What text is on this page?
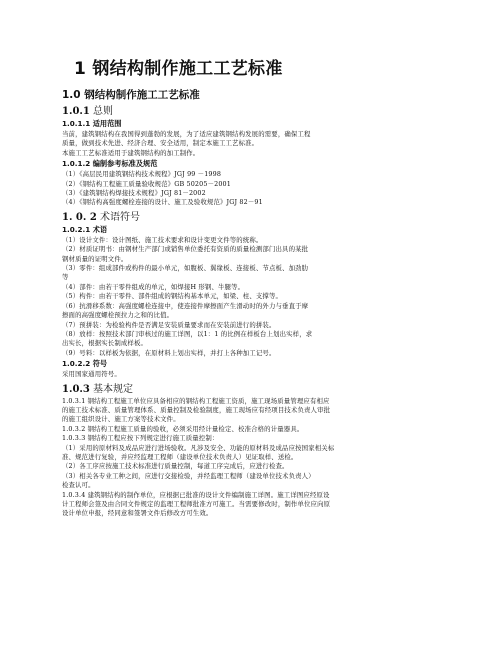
1 钢结构制作施工工艺标准
1.0 钢结构制作施工工艺标准
1.0.1 总则
1.0.1.1 适用范围

当前，建筑钢结构在我国得到蓬勃的发展，为了适应建筑钢结构发展的需要，确保工程

质量，做到技术先进、经济合理、安全适用，制定本施工工艺标准。

本施工工艺标准适用于建筑钢结构的加工制作。

1.0.1.2 编制参考标准及规范

（1）《高层民用建筑钢结构技术规程》JGJ 99 －1998

（2）《钢结构工程施工质量验收规范》GB 50205－2001

（3）《建筑钢结构焊接技术规程》JGJ 81－2002

（4）《钢结构高强度螺栓连接的设计、施工及验收规范》JGJ 82－91

1. 0. 2 术语符号
1.0.2.1 术语

（1）设计文件：设计图纸、施工技术要求和设计变更文件等的统称。

（2）材质证明书：由钢材生产部门或销售单位委托有资质的质量检测部门出具的某批

钢材质量的证明文件。

（3）零件：组成部件或构件的最小单元，如腹板、翼缘板、连接板、节点板、加劲肋

等

（4）部件：由若干零件组成的单元，如焊接H 形钢、牛腿等。

（5）构件：由若干零件、部件组成的钢结构基本单元，如梁、柱、支撑等。

（6）抗滑移系数：高强度螺栓连接中，使连接件摩擦面产生滑动时的外力与垂直于摩

擦面的高强度螺栓预拉力之和的比值。

（7）预拼装：为检验构件是否满足安装质量要求而在安装前进行的拼装。

（8）放样：按照技术部门审核过的施工详图，以1：1 的比例在样板台上划出实样，求

出实长，根据实长制成样板。

（9）号料：以样板为依据，在原材料上划出实样，并打上各种加工记号。

1.0.2.2 符号

采用国家通用符号。

1.0.3 基本规定

1.0.3.1 钢结构工程施工单位应具备相应的钢结构工程施工资质，施工现场质量管理应有相应

的施工技术标准、质量管理体系、质量控制及检验制度，施工现场应有经项目技术负责人审批

的施工组织设计、施工方案等技术文件。

1.0.3.2 钢结构工程施工质量的验收，必须采用经计量检定、校准合格的计量器具。

1.0.3.3 钢结构工程应按下列规定进行施工质量控制：

（1）采用的原材料及成品应进行进场验收。凡涉及安全、功能的原材料及成品应按国家相关标

准、规范进行复验，并应经监理工程师（建设单位技术负责人）见证取样、送检。

（2）各工序应按施工技术标准进行质量控制，每道工序完成后，应进行检查。

（3）相关各专业工种之间，应进行交接检验，并经监理工程师（建设单位技术负责人）

检查认可。

1.0.3.4 建筑钢结构的制作单位，应根据已批准的设计文件编制施工详图。施工详图应经原设

计工程师会签及由合同文件规定的监理工程师批准方可施工。当需要修改时，制作单位应向原

设计单位申报，经同意和签署文件后修改方可生效。
